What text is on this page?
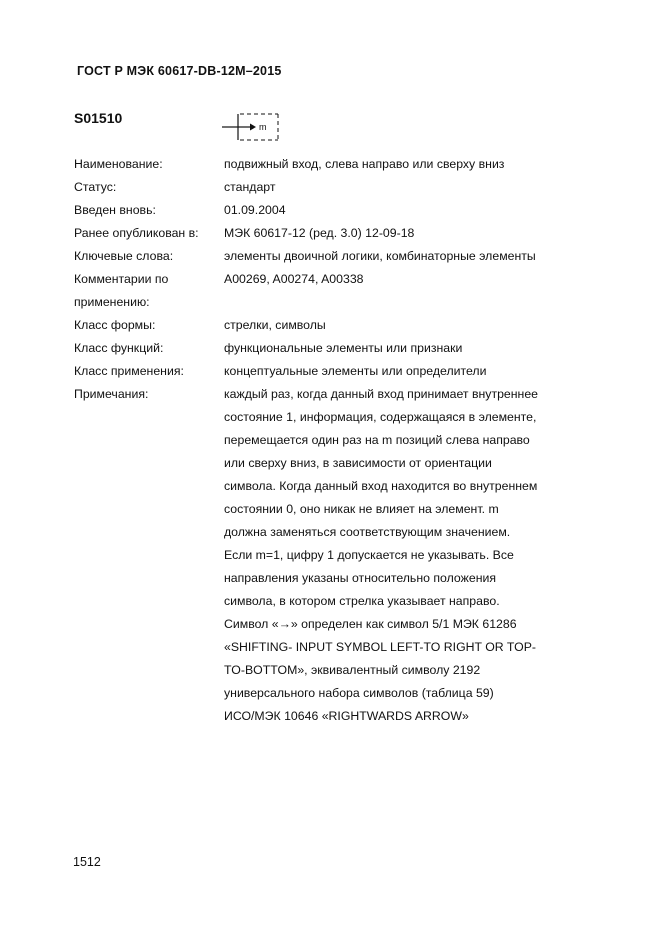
ГОСТ Р МЭК 60617-DB-12M–2015
S01510
m
Наименование:	подвижный вход, слева направо или сверху вниз
Статус:	стандарт
Введен вновь:	01.09.2004
Ранее опубликован в:	МЭК 60617-12 (ред. 3.0) 12-09-18
Ключевые слова:	элементы двоичной логики, комбинаторные элементы
Комментарии по применению:
A00269, A00274, A00338
Класс формы:	стрелки, символы
Класс функций:	функциональные элементы или признаки
Класс применения:	концептуальные элементы или определители
Примечания:	каждый раз, когда данный вход принимает внутреннее
состояние 1, информация, содержащаяся в элементе,
перемещается один раз на m позиций слева направо
или сверху вниз, в зависимости от ориентации
символа. Когда данный вход находится во внутреннем
состоянии 0, оно никак не влияет на элемент. m
должна заменяться соответствующим значением.
Если m=1, цифру 1 допускается не указывать. Все
направления указаны относительно положения
символа, в котором стрелка указывает направо.
Символ «→» определен как символ 5/1 МЭК 61286
«SHIFTING- INPUT SYMBOL LEFT-TO RIGHT OR TOP-
TO-BOTTOM», эквивалентный символу 2192
универсального набора символов (таблица 59)
ИСО/МЭК 10646 «RIGHTWARDS ARROW»
1512
